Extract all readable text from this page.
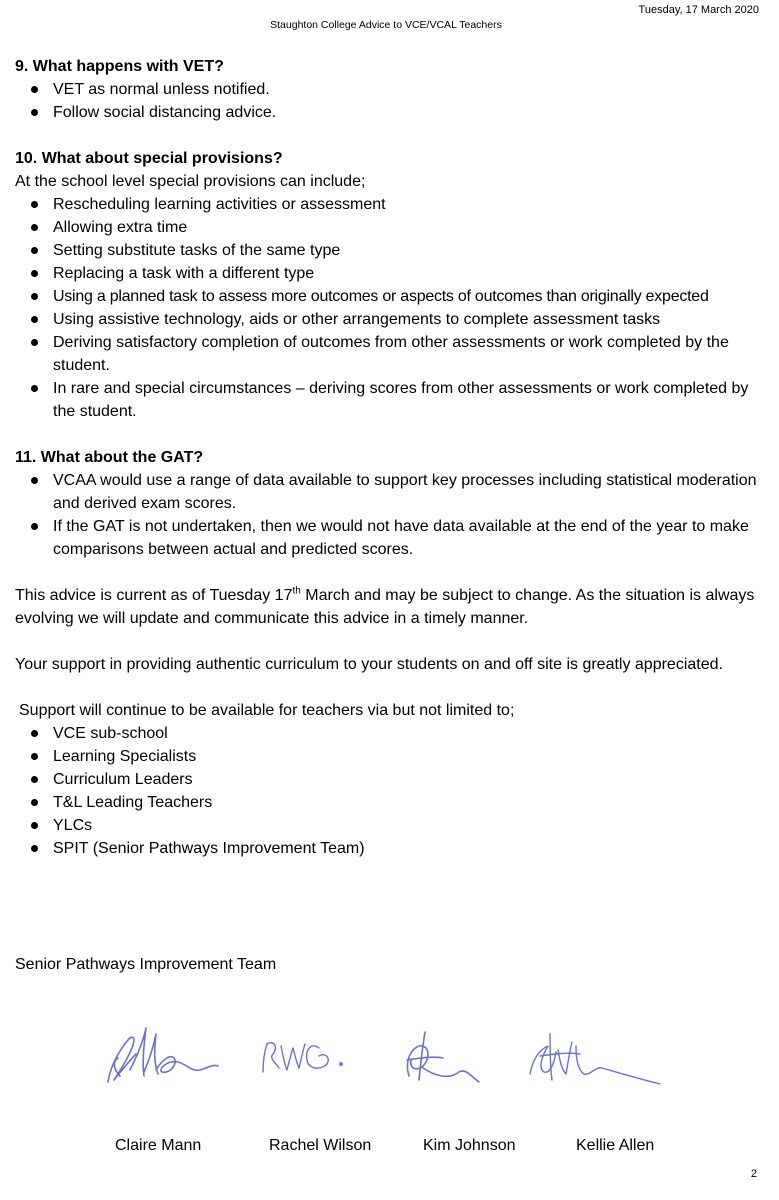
Tuesday, 17 March 2020
Staughton College Advice to VCE/VCAL Teachers
9. What happens with VET?
VET as normal unless notified.
Follow social distancing advice.
10. What about special provisions?

At the school level special provisions can include;

Rescheduling learning activities or assessment
Allowing extra time
Setting substitute tasks of the same type
Replacing a task with a different type
Using a planned task to assess more outcomes or aspects of outcomes than originally expected
Using assistive technology, aids or other arrangements to complete assessment tasks
Deriving satisfactory completion of outcomes from other assessments or work completed by the student.
In rare and special circumstances – deriving scores from other assessments or work completed by the student.
11. What about the GAT?
VCAA would use a range of data available to support key processes including statistical moderation and derived exam scores.
If the GAT is not undertaken, then we would not have data available at the end of the year to make comparisons between actual and predicted scores.

This advice is current as of Tuesday 17th March and may be subject to change. As the situation is always evolving we will update and communicate this advice in a timely manner.

Your support in providing authentic curriculum to your students on and off site is greatly appreciated.

Support will continue to be available for teachers via but not limited to;

VCE sub-school
Learning Specialists
Curriculum Leaders
T&L Leading Teachers
YLCs
SPIT (Senior Pathways Improvement Team)
Senior Pathways Improvement Team
Claire Mann	Rachel Wilson	Kim Johnson	Kellie Allen
2
